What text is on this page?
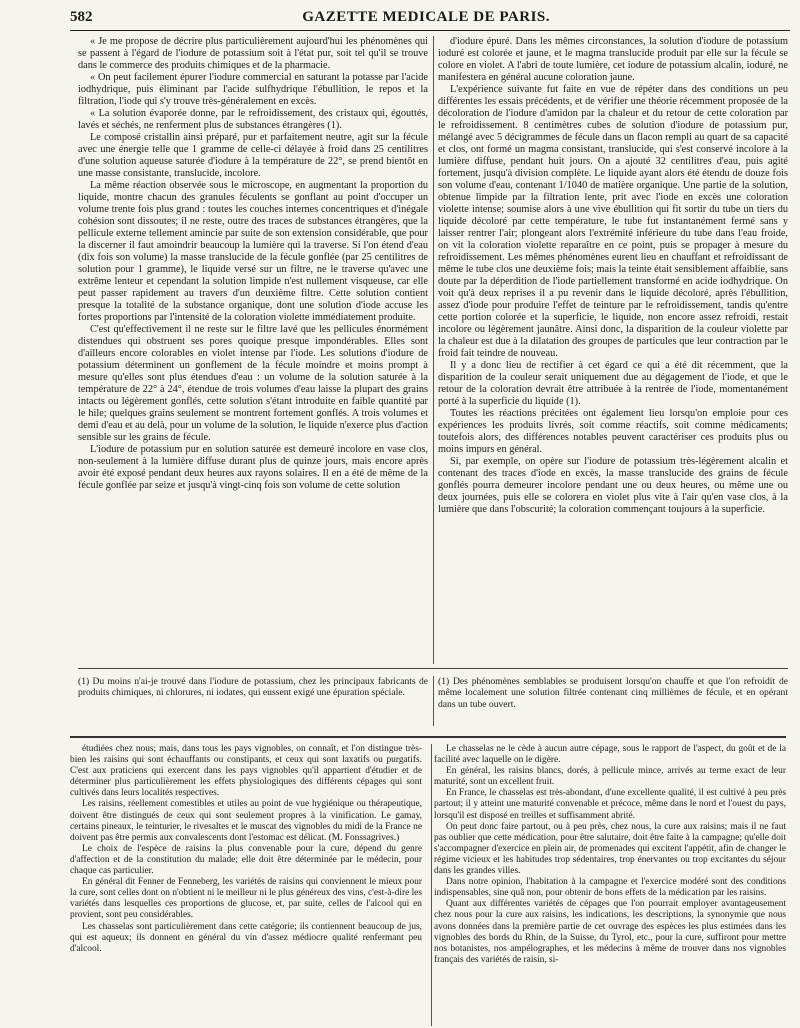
582	GAZETTE MEDICALE DE PARIS.

« Je me propose de décrire plus particulièrement aujourd'hui les phénomènes qui se passent à l'égard de l'iodure de potassium soit à l'état pur, soit tel qu'il se trouve dans le commerce des produits chimiques et de la pharmacie.

« On peut facilement épurer l'iodure commercial en saturant la potasse par l'acide iodhydrique, puis éliminant par l'acide sulfhydrique l'ébullition, le repos et la filtration, l'iode qui s'y trouve très-généralement en excès.

« La solution évaporée donne, par le refroidissement, des cristaux qui, égouttés, lavés et séchés, ne renferment plus de substances étrangères (1).

Le composé cristallin ainsi préparé, pur et parfaitement neutre, agit sur la fécule avec une énergie telle que 1 gramme de celle-ci délayée à froid dans 25 centilitres d'une solution aqueuse saturée d'iodure à la température de 22°, se prend bientôt en une masse consistante, translucide, incolore.

La même réaction observée sous le microscope, en augmentant la proportion du liquide, montre chacun des granules féculents se gonflant au point d'occuper un volume trente fois plus grand : toutes les couches internes concentriques et d'inégale cohésion sont dissoutes; il ne reste, outre des traces de substances étrangères, que la pellicule externe tellement amincie par suite de son extension considérable, que pour la discerner il faut amoindrir beaucoup la lumière qui la traverse. Si l'on étend d'eau (dix fois son volume) la masse translucide de la fécule gonflée (par 25 centilitres de solution pour 1 gramme), le liquide versé sur un filtre, ne le traverse qu'avec une extrême lenteur et cependant la solution limpide n'est nullement visqueuse, car elle peut passer rapidement au travers d'un deuxième filtre. Cette solution contient presque la totalité de la substance organique, dont une solution d'iode accuse les fortes proportions par l'intensité de la coloration violette immédiatement produite.

C'est qu'effectivement il ne reste sur le filtre lavé que les pellicules énormément distendues qui obstruent ses pores quoique presque impondérables. Elles sont d'ailleurs encore colorables en violet intense par l'iode. Les solutions d'iodure de potassium déterminent un gonflement de la fécule moindre et moins prompt à mesure qu'elles sont plus étendues d'eau : un volume de la solution saturée à la température de 22° à 24°, étendue de trois volumes d'eau laisse la plupart des grains intacts ou légèrement gonflés, cette solution s'étant introduite en faible quantité par le hile; quelques grains seulement se montrent fortement gonflés. A trois volumes et demi d'eau et au delà, pour un volume de la solution, le liquide n'exerce plus d'action sensible sur les grains de fécule.

L'iodure de potassium pur en solution saturée est demeuré incolore en vase clos, non-seulement à la lumière diffuse durant plus de quinze jours, mais encore après avoir été exposé pendant deux heures aux rayons solaires. Il en a été de même de la fécule gonflée par seize et jusqu'à vingt-cinq fois son volume de cette solution

d'iodure épuré. Dans les mêmes circonstances, la solution d'iodure de potassium ioduré est colorée et jaune, et le magma translucide produit par elle sur la fécule se colore en violet. A l'abri de toute lumière, cet iodure de potassium alcalin, ioduré, ne manifestera en général aucune coloration jaune.

L'expérience suivante fut faite en vue de répéter dans des conditions un peu différentes les essais précédents, et de vérifier une théorie récemment proposée de la décoloration de l'iodure d'amidon par la chaleur et du retour de cette coloration par le refroidissement. 8 centimètres cubes de solution d'iodure de potassium pur, mélangé avec 5 décigrammes de fécule dans un flacon rempli au quart de sa capacité et clos, ont formé un magma consistant, translucide, qui s'est conservé incolore à la lumière diffuse, pendant huit jours. On a ajouté 32 centilitres d'eau, puis agité fortement, jusqu'à division complète. Le liquide ayant alors été étendu de douze fois son volume d'eau, contenant 1/1040 de matière organique. Une partie de la solution, obtenue limpide par la filtration lente, prit avec l'iode en excès une coloration violette intense; soumise alors à une vive ébullition qui fit sortir du tube un tiers du liquide décoloré par cette température, le tube fut instantanément fermé sans y laisser rentrer l'air; plongeant alors l'extrémité inférieure du tube dans l'eau froide, on vit la coloration violette reparaître en ce point, puis se propager à mesure du refroidissement. Les mêmes phénomènes eurent lieu en chauffant et refroidissant de même le tube clos une deuxième fois; mais la teinte était sensiblement affaiblie, sans doute par la déperdition de l'iode partiellement transformé en acide iodhydrique. On voit qu'à deux reprises il a pu revenir dans le liquide décoloré, après l'ébullition, assez d'iode pour produire l'effet de teinture par le refroidissement, tandis qu'entre cette portion colorée et la superficie, le liquide, non encore assez refroidi, restait incolore ou légèrement jaunâtre. Ainsi donc, la disparition de la couleur violette par la chaleur est due à la dilatation des groupes de particules que leur contraction par le froid fait teindre de nouveau.

Il y a donc lieu de rectifier à cet égard ce qui a été dit récemment, que la disparition de la couleur serait uniquement due au dégagement de l'iode, et que le retour de la coloration devrait être attribuée à la rentrée de l'iode, momentanément porté à la superficie du liquide (1).

Toutes les réactions précitées ont également lieu lorsqu'on emploie pour ces expériences les produits livrés, soit comme réactifs, soit comme médicaments; toutefois alors, des différences notables peuvent caractériser ces produits plus ou moins impurs en général.

Si, par exemple, on opère sur l'iodure de potassium très-légèrement alcalin et contenant des traces d'iode en excès, la masse translucide des grains de fécule gonflés pourra demeurer incolore pendant une ou deux heures, ou même une ou deux journées, puis elle se colorera en violet plus vite à l'air qu'en vase clos, à la lumière que dans l'obscurité; la coloration commençant toujours à la superficie.

(1) Du moins n'ai-je trouvé dans l'iodure de potassium, chez les principaux fabricants de produits chimiques, ni chlorures, ni iodates, qui eussent exigé une épuration spéciale.
(1) Des phénomènes semblables se produisent lorsqu'on chauffe et que l'on refroidit de même localement une solution filtrée contenant cinq millièmes de fécule, et en opérant dans un tube ouvert.

étudiées chez nous; mais, dans tous les pays vignobles, on connaît, et l'on distingue très-bien les raisins qui sont échauffants ou constipants, et ceux qui sont laxatifs ou purgatifs. C'est aux praticiens qui exercent dans les pays vignobles qu'il appartient d'étudier et de déterminer plus particulièrement les effets physiologiques des différents cépages qui sont cultivés dans leurs localités respectives.

Les raisins, réellement comestibles et utiles au point de vue hygiénique ou thérapeutique, doivent être distingués de ceux qui sont seulement propres à la vinification. Le gamay, certains pineaux, le teinturier, le rivesaltes et le muscat des vignobles du midi de la France ne doivent pas être permis aux convalescents dont l'estomac est délicat. (M. Fonssagrives.)

Le choix de l'espèce de raisins la plus convenable pour la cure, dépend du genre d'affection et de la constitution du malade; elle doit être déterminée par le médecin, pour chaque cas particulier.

En général dit Fenner de Fenneberg, les variétés de raisins qui conviennent le mieux pour la cure, sont celles dont on n'obtient ni le meilleur ni le plus généreux des vins, c'est-à-dire les variétés dans lesquelles ces proportions de glucose, et, par suite, celles de l'alcool qui en provient, sont peu considérables.

Les chasselas sont particulièrement dans cette catégorie; ils contiennent beaucoup de jus, qui est aqueux; ils donnent en général du vin d'assez médiocre qualité renfermant peu d'alcool.

Le chasselas ne le cède à aucun autre cépage, sous le rapport de l'aspect, du goût et de la facilité avec laquelle on le digère.

En général, les raisins blancs, dorés, à pellicule mince, arrivés au terme exact de leur maturité, sont un excellent fruit.

En France, le chasselas est très-abondant, d'une excellente qualité, il est cultivé à peu près partout; il y atteint une maturité convenable et précoce, même dans le nord et l'ouest du pays, lorsqu'il est disposé en treilles et suffisamment abrité.

On peut donc faire partout, ou à peu près, chez nous, la cure aux raisins; mais il ne faut pas oublier que cette médication, pour être salutaire, doit être faite à la campagne; qu'elle doit s'accompagner d'exercice en plein air, de promenades qui excitent l'appétit, afin de changer le régime vicieux et les habitudes trop sédentaires, trop énervantes ou trop excitantes du séjour dans les grandes villes.

Dans notre opinion, l'habitation à la campagne et l'exercice modéré sont des conditions indispensables, sine quâ non, pour obtenir de bons effets de la médication par les raisins.

Quant aux différentes variétés de cépages que l'on pourrait employer avantageusement chez nous pour la cure aux raisins, les indications, les descriptions, la synonymie que nous avons données dans la première partie de cet ouvrage des espèces les plus estimées dans les vignobles des bords du Rhin, de la Suisse, du Tyrol, etc., pour la cure, suffiront pour mettre nos botanistes, nos ampélographes, et les médecins à même de trouver dans nos vignobles français des variétés de raisin, si-
